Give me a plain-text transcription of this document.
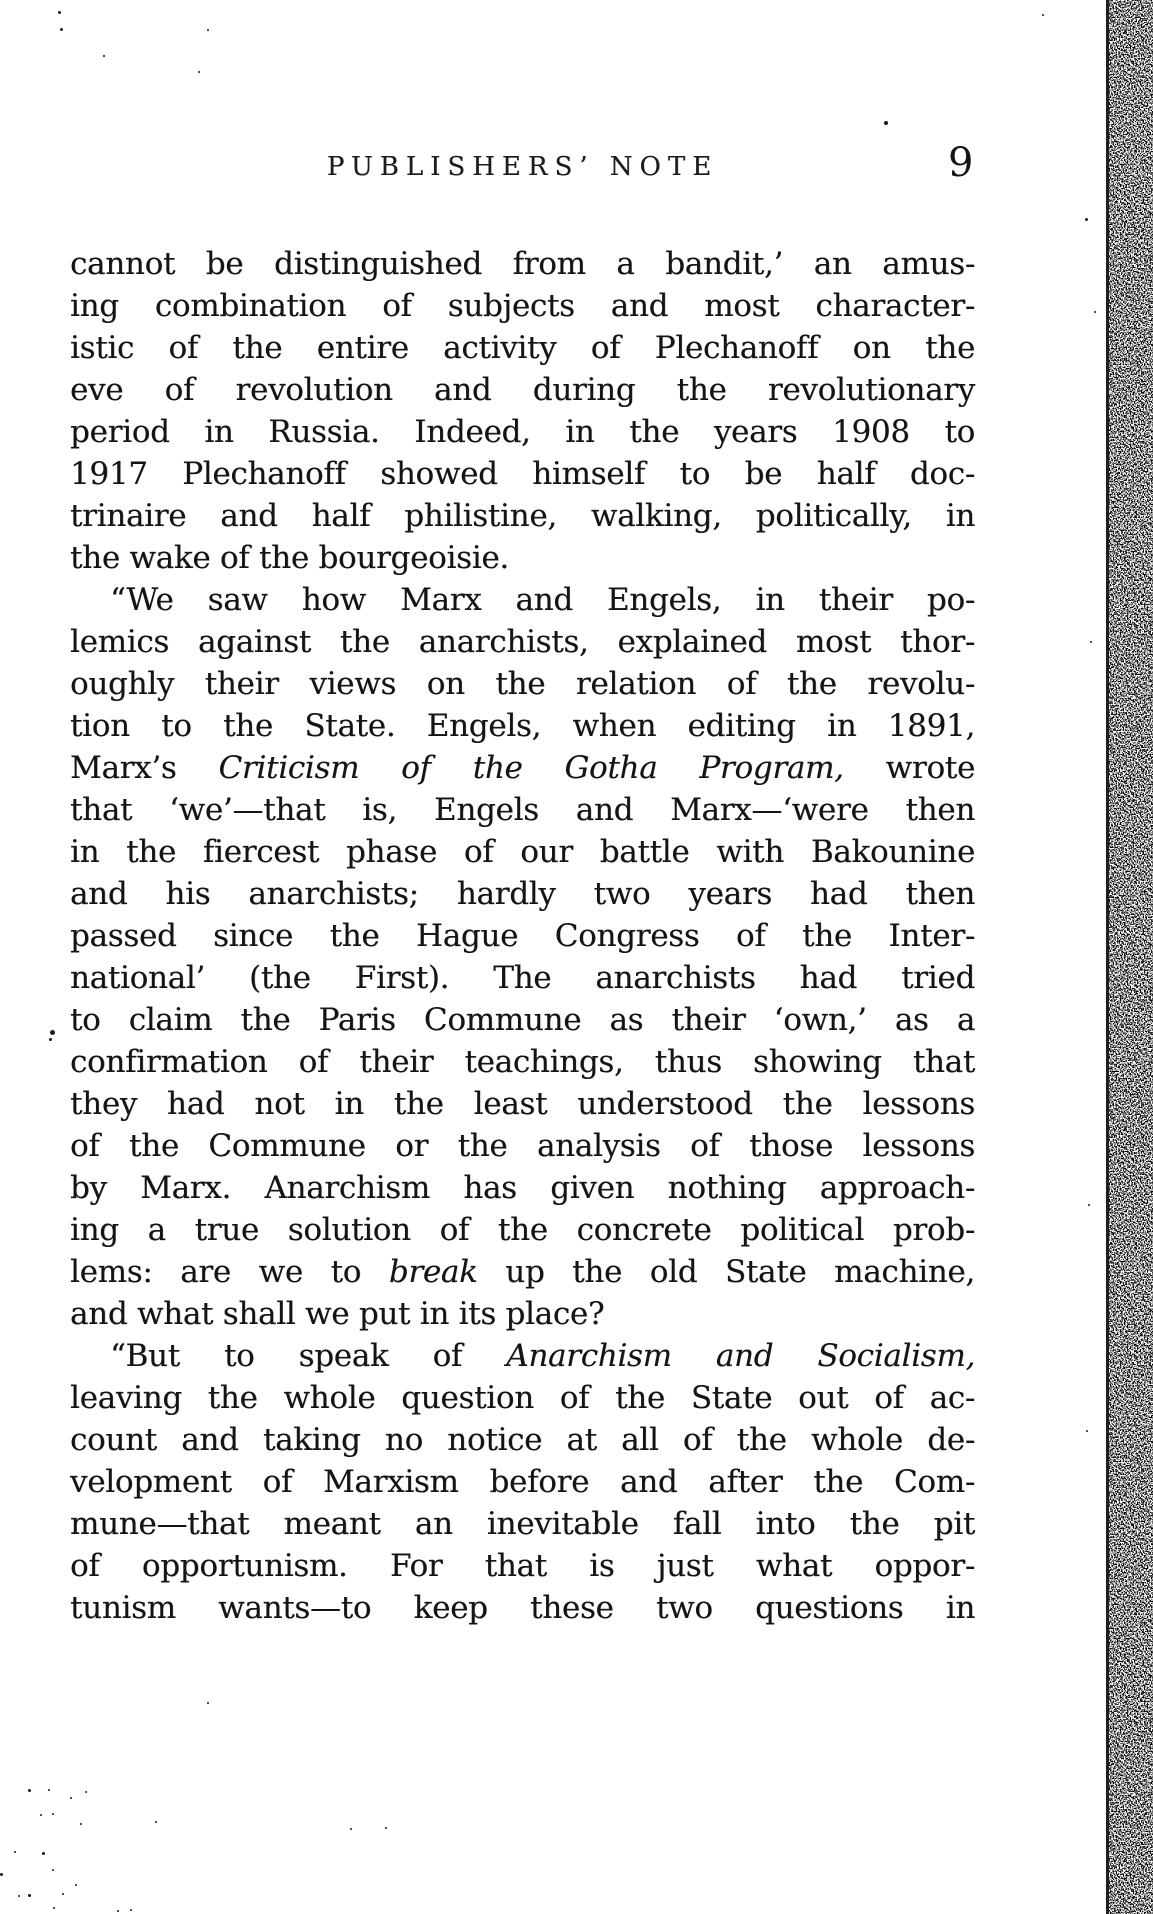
PUBLISHERS’ NOTE	9
cannot be distinguished from a bandit,’ an amus-
ing combination of subjects and most character-
istic of the entire activity of Plechanoff on the
eve of revolution and during the revolutionary
period in Russia. Indeed, in the years 1908 to
1917 Plechanoff showed himself to be half doc-
trinaire and half philistine, walking, politically, in
the wake of the bourgeoisie.
“We saw how Marx and Engels, in their po-
lemics against the anarchists, explained most thor-
oughly their views on the relation of the revolu-
tion to the State. Engels, when editing in 1891,
Marx’s Criticism of the Gotha Program, wrote
that ‘we’—that is, Engels and Marx—‘were then
in the fiercest phase of our battle with Bakounine
and his anarchists; hardly two years had then
passed since the Hague Congress of the Inter-
national’ (the First). The anarchists had tried
to claim the Paris Commune as their ‘own,’ as a
confirmation of their teachings, thus showing that
they had not in the least understood the lessons
of the Commune or the analysis of those lessons
by Marx. Anarchism has given nothing approach-
ing a true solution of the concrete political prob-
lems: are we to break up the old State machine,
and what shall we put in its place?
“But to speak of Anarchism and Socialism,
leaving the whole question of the State out of ac-
count and taking no notice at all of the whole de-
velopment of Marxism before and after the Com-
mune—that meant an inevitable fall into the pit
of opportunism. For that is just what oppor-
tunism wants—to keep these two questions in
